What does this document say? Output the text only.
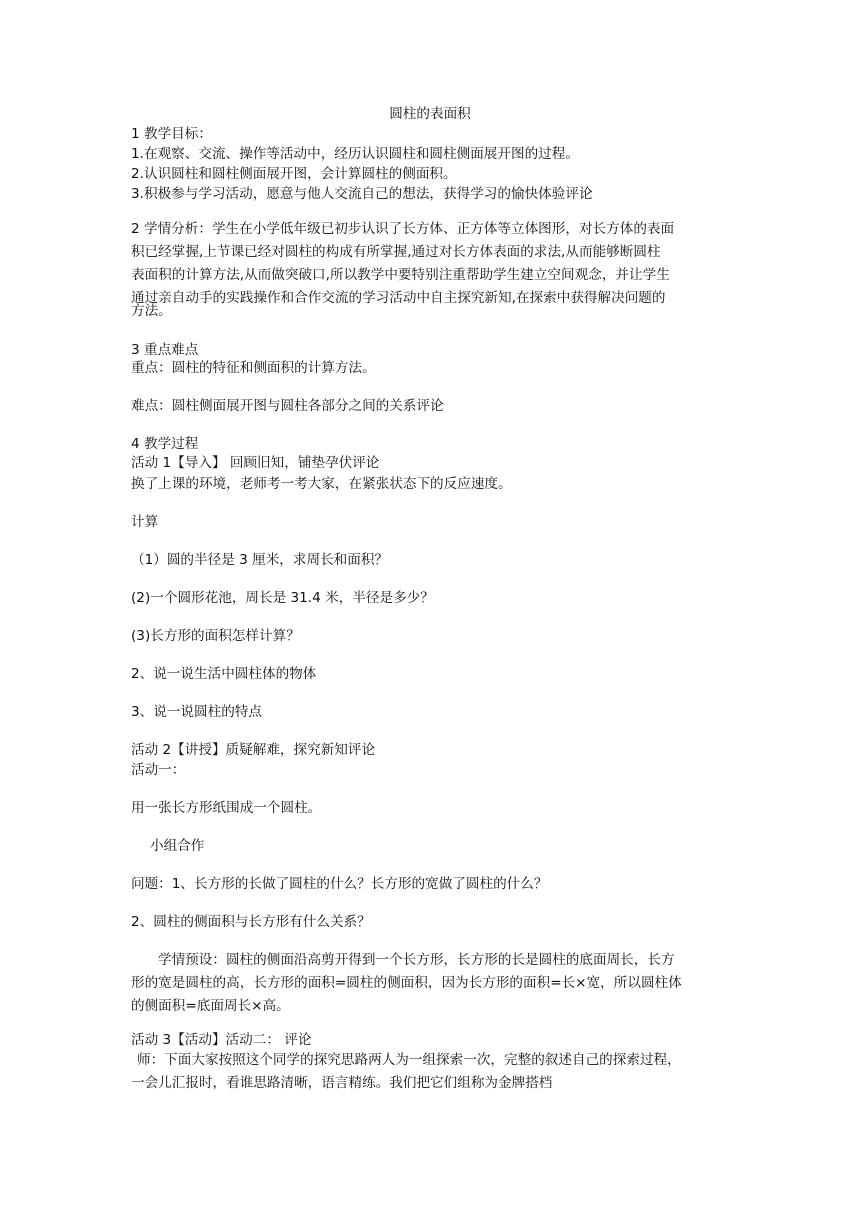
圆柱的表面积
1 教学目标：
1.在观察、交流、操作等活动中，经历认识圆柱和圆柱侧面展开图的过程。
2.认识圆柱和圆柱侧面展开图，会计算圆柱的侧面积。
3.积极参与学习活动，愿意与他人交流自己的想法，获得学习的愉快体验评论
2 学情分析：学生在小学低年级已初步认识了长方体、正方体等立体图形，对长方体的表面
积已经掌握,上节课已经对圆柱的构成有所掌握,通过对长方体表面的求法,从而能够断圆柱
表面积的计算方法,从而做突破口,所以教学中要特别注重帮助学生建立空间观念，并让学生
通过亲自动手的实践操作和合作交流的学习活动中自主探究新知,在探索中获得解决问题的
方法。
3 重点难点
重点：圆柱的特征和侧面积的计算方法。
难点：圆柱侧面展开图与圆柱各部分之间的关系评论
4 教学过程
活动 1【导入】 回顾旧知，铺垫孕伏评论
换了上课的环境，老师考一考大家，在紧张状态下的反应速度。
计算
（1）圆的半径是 3 厘米，求周长和面积？
(2)一个圆形花池，周长是 31.4 米，半径是多少？
(3)长方形的面积怎样计算？
2、说一说生活中圆柱体的物体
3、说一说圆柱的特点
活动 2【讲授】质疑解难，探究新知评论
活动一：
用一张长方形纸围成一个圆柱。
小组合作
问题：1、长方形的长做了圆柱的什么？长方形的宽做了圆柱的什么？
2、圆柱的侧面积与长方形有什么关系？
学情预设：圆柱的侧面沿高剪开得到一个长方形，长方形的长是圆柱的底面周长，长方
形的宽是圆柱的高，长方形的面积=圆柱的侧面积，因为长方形的面积=长×宽，所以圆柱体
的侧面积=底面周长×高。
活动 3【活动】活动二： 评论
师：下面大家按照这个同学的探究思路两人为一组探索一次，完整的叙述自己的探索过程，
一会儿汇报时，看谁思路清晰，语言精练。我们把它们组称为金牌搭档
